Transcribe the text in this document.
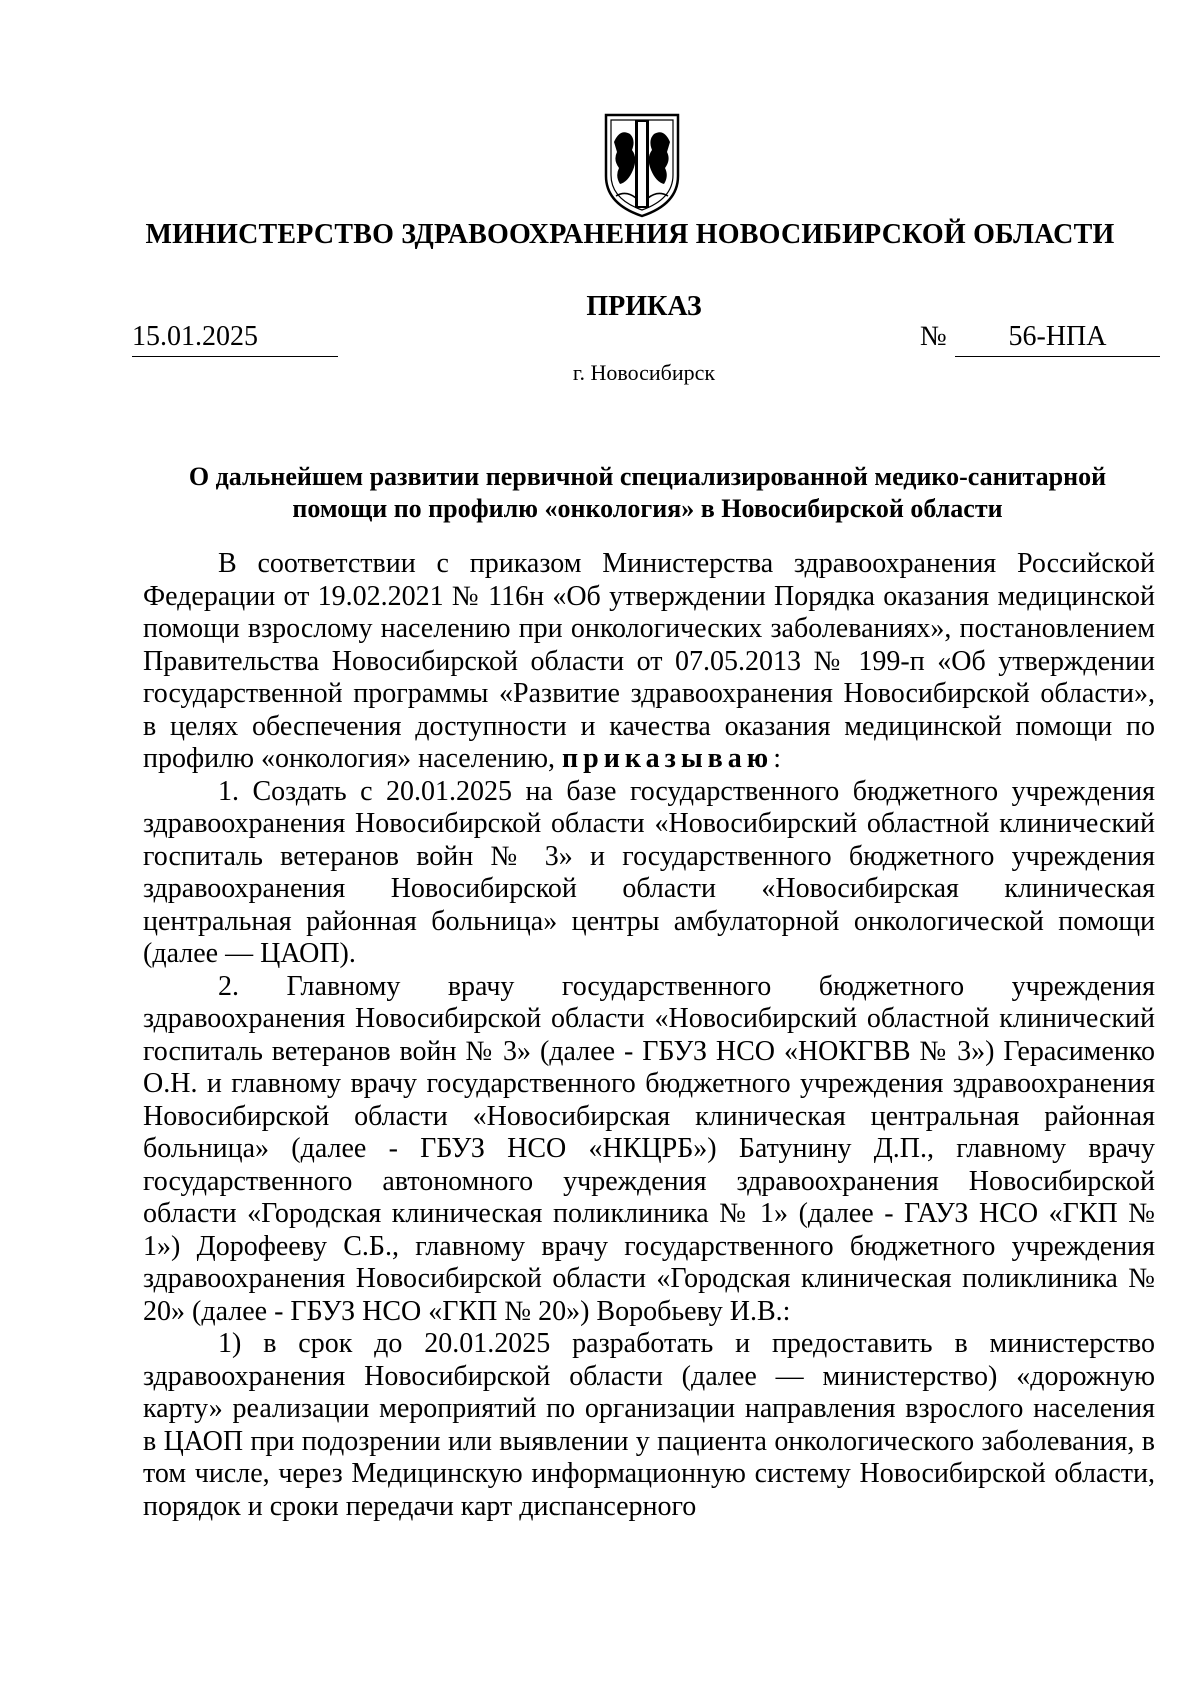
МИНИСТЕРСТВО ЗДРАВООХРАНЕНИЯ НОВОСИБИРСКОЙ ОБЛАСТИ
ПРИКАЗ
15.01.2025	№	56-НПА
г. Новосибирск
О дальнейшем развитии первичной специализированной медико-санитарной помощи по профилю «онкология» в Новосибирской области

В соответствии с приказом Министерства здравоохранения Российской Федерации от 19.02.2021 № 116н «Об утверждении Порядка оказания медицинской помощи взрослому населению при онкологических заболеваниях», постановлением Правительства Новосибирской области от 07.05.2013 № 199-п «Об утверждении государственной программы «Развитие здравоохранения Новосибирской области», в целях обеспечения доступности и качества оказания медицинской помощи по профилю «онкология» населению, приказываю:

1. Создать с 20.01.2025 на базе государственного бюджетного учреждения здравоохранения Новосибирской области «Новосибирский областной клинический госпиталь ветеранов войн № 3» и государственного бюджетного учреждения здравоохранения Новосибирской области «Новосибирская клиническая центральная районная больница» центры амбулаторной онкологической помощи (далее — ЦАОП).

2. Главному врачу государственного бюджетного учреждения здравоохранения Новосибирской области «Новосибирский областной клинический госпиталь ветеранов войн № 3» (далее - ГБУЗ НСО «НОКГВВ № 3») Герасименко О.Н. и главному врачу государственного бюджетного учреждения здравоохранения Новосибирской области «Новосибирская клиническая центральная районная больница» (далее - ГБУЗ НСО «НКЦРБ») Батунину Д.П., главному врачу государственного автономного учреждения здравоохранения Новосибирской области «Городская клиническая поликлиника № 1» (далее - ГАУЗ НСО «ГКП № 1») Дорофееву С.Б., главному врачу государственного бюджетного учреждения здравоохранения Новосибирской области «Городская клиническая поликлиника № 20» (далее - ГБУЗ НСО «ГКП № 20») Воробьеву И.В.:

1) в срок до 20.01.2025 разработать и предоставить в министерство здравоохранения Новосибирской области (далее — министерство) «дорожную карту» реализации мероприятий по организации направления взрослого населения в ЦАОП при подозрении или выявлении у пациента онкологического заболевания, в том числе, через Медицинскую информационную систему Новосибирской области, порядок и сроки передачи карт диспансерного
